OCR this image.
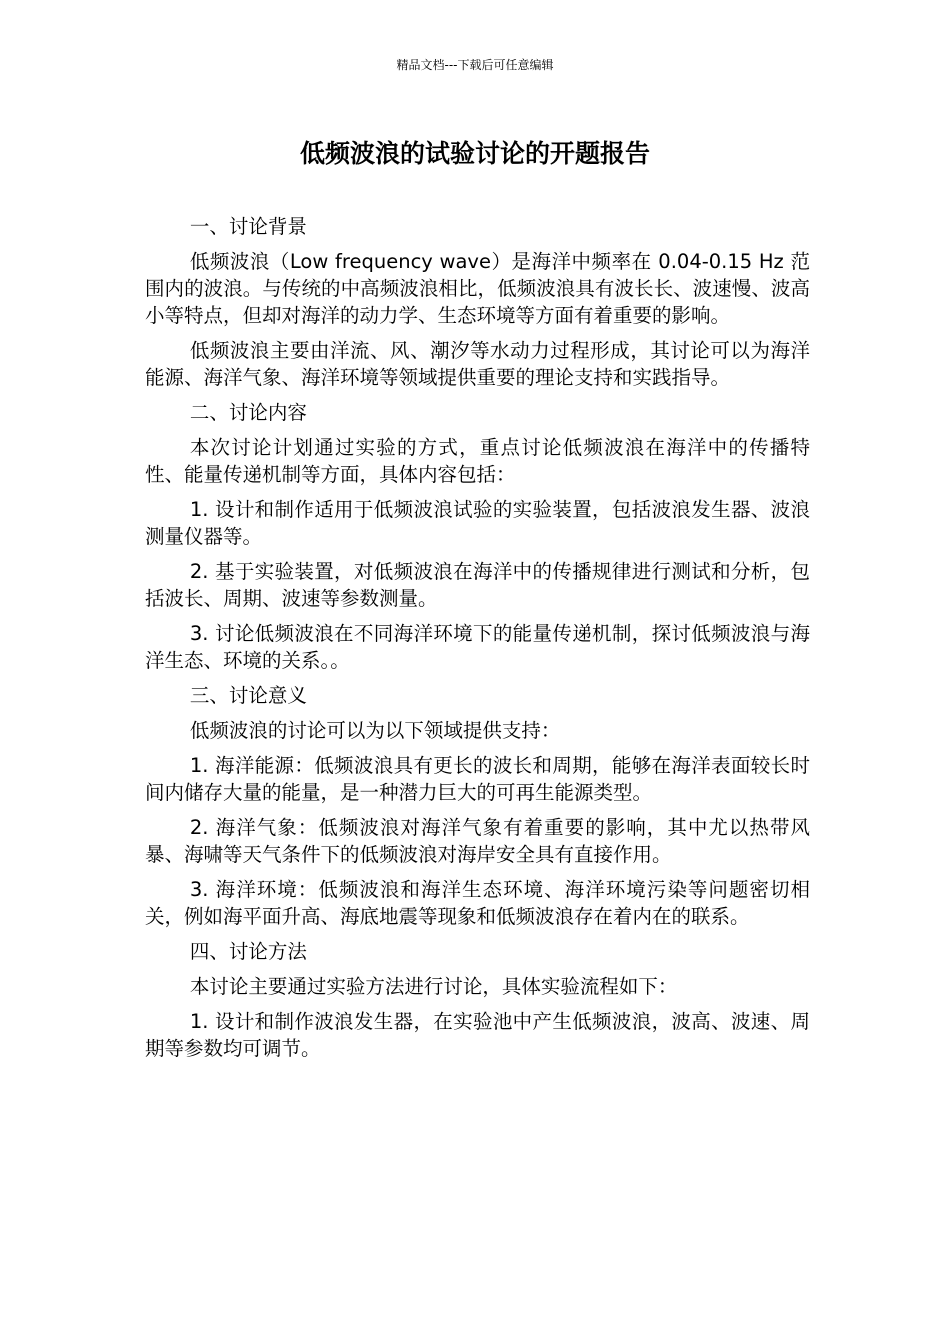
精品文档---下载后可任意编辑
低频波浪的试验讨论的开题报告

一、讨论背景

低频波浪（Low frequency wave）是海洋中频率在 0.04-0.15 Hz 范围内的波浪。与传统的中高频波浪相比，低频波浪具有波长长、波速慢、波高小等特点，但却对海洋的动力学、生态环境等方面有着重要的影响。

低频波浪主要由洋流、风、潮汐等水动力过程形成，其讨论可以为海洋能源、海洋气象、海洋环境等领域提供重要的理论支持和实践指导。

二、讨论内容

本次讨论计划通过实验的方式，重点讨论低频波浪在海洋中的传播特性、能量传递机制等方面，具体内容包括：

1. 设计和制作适用于低频波浪试验的实验装置，包括波浪发生器、波浪测量仪器等。

2. 基于实验装置，对低频波浪在海洋中的传播规律进行测试和分析，包括波长、周期、波速等参数测量。

3. 讨论低频波浪在不同海洋环境下的能量传递机制，探讨低频波浪与海洋生态、环境的关系。。

三、讨论意义

低频波浪的讨论可以为以下领域提供支持：

1. 海洋能源：低频波浪具有更长的波长和周期，能够在海洋表面较长时间内储存大量的能量，是一种潜力巨大的可再生能源类型。

2. 海洋气象：低频波浪对海洋气象有着重要的影响，其中尤以热带风暴、海啸等天气条件下的低频波浪对海岸安全具有直接作用。

3. 海洋环境：低频波浪和海洋生态环境、海洋环境污染等问题密切相关，例如海平面升高、海底地震等现象和低频波浪存在着内在的联系。

四、讨论方法

本讨论主要通过实验方法进行讨论，具体实验流程如下：

1. 设计和制作波浪发生器，在实验池中产生低频波浪，波高、波速、周期等参数均可调节。
